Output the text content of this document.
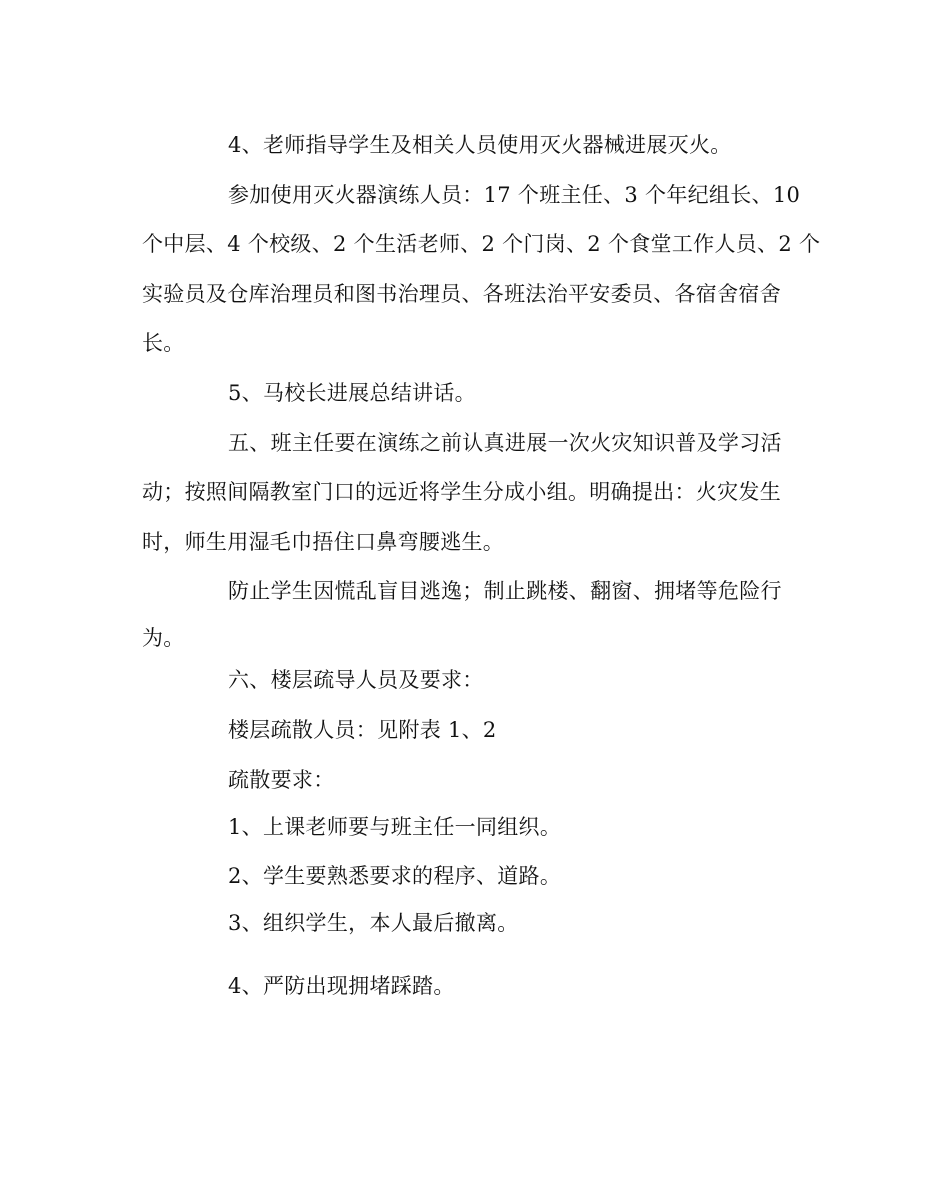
4、老师指导学生及相关人员使用灭火器械进展灭火。
参加使用灭火器演练人员：17 个班主任、3 个年纪组长、10
个中层、4 个校级、2 个生活老师、2 个门岗、2 个食堂工作人员、2 个
实验员及仓库治理员和图书治理员、各班法治平安委员、各宿舍宿舍
长。
5、马校长进展总结讲话。
五、班主任要在演练之前认真进展一次火灾知识普及学习活
动；按照间隔教室门口的远近将学生分成小组。明确提出：火灾发生
时，师生用湿毛巾捂住口鼻弯腰逃生。
防止学生因慌乱盲目逃逸；制止跳楼、翻窗、拥堵等危险行
为。
六、楼层疏导人员及要求：
楼层疏散人员：见附表 1、2
疏散要求：
1、上课老师要与班主任一同组织。
2、学生要熟悉要求的程序、道路。
3、组织学生，本人最后撤离。
4、严防出现拥堵踩踏。
